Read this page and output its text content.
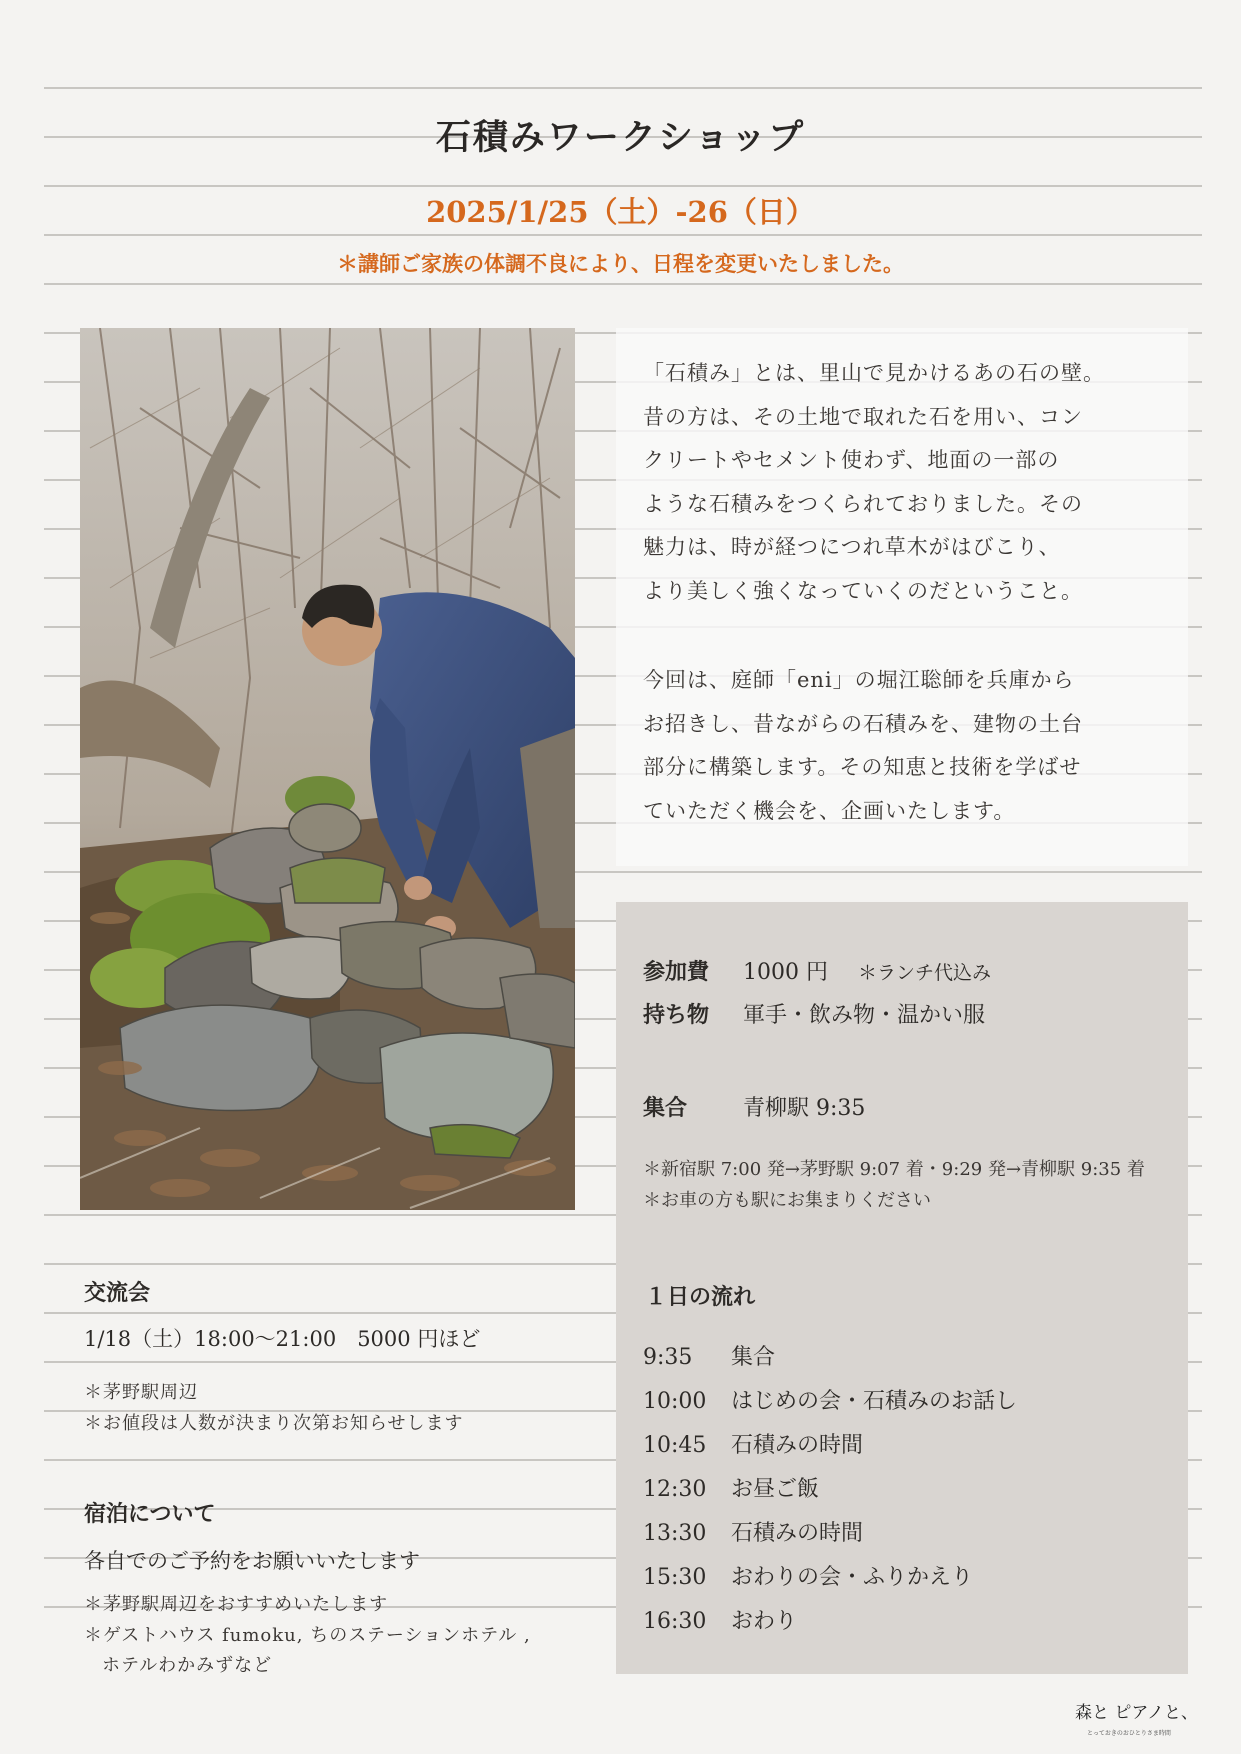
石積みワークショップ
2025/1/25（土）-26（日）
＊講師ご家族の体調不良により、日程を変更いたしました。
「石積み」とは、里山で見かけるあの石の壁。
昔の方は、その土地で取れた石を用い、コン
クリートやセメント使わず、地面の一部の
ような石積みをつくられておりました。その
魅力は、時が経つにつれ草木がはびこり、
より美しく強くなっていくのだということ。
今回は、庭師「eni」の堀江聡師を兵庫から
お招きし、昔ながらの石積みを、建物の土台
部分に構築します。その知恵と技術を学ばせ
ていただく機会を、企画いたします。
参加費 1000 円 ＊ランチ代込み
持ち物 軍手・飲み物・温かい服
集合	青柳駅 9:35
＊新宿駅 7:00 発→茅野駅 9:07 着・9:29 発→青柳駅 9:35 着
＊お車の方も駅にお集まりください
１日の流れ
9:35 集合
10:00 はじめの会・石積みのお話し
10:45 石積みの時間
12:30 お昼ご飯
13:30 石積みの時間
15:30 おわりの会・ふりかえり
16:30 おわり
交流会
1/18（土）18:00〜21:00　5000 円ほど
＊茅野駅周辺
＊お値段は人数が決まり次第お知らせします
宿泊について
各自でのご予約をお願いいたします
＊茅野駅周辺をおすすめいたします
＊ゲストハウス fumoku, ちのステーションホテル ,
ホテルわかみずなど
森と ピアノと、
とっておきのおひとりさま時間
